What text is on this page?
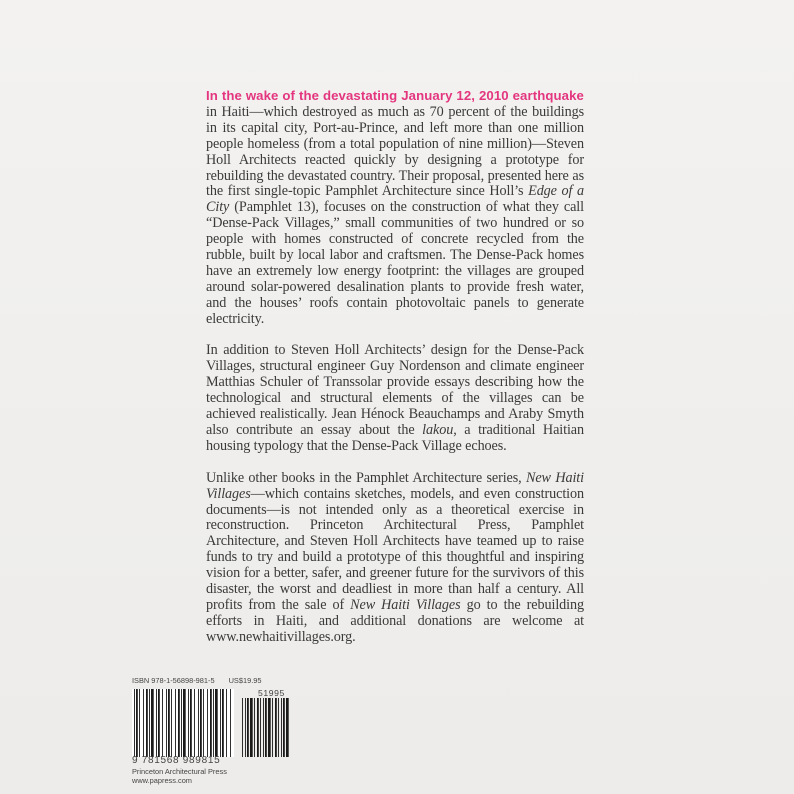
In the wake of the devastating January 12, 2010 earthquake in Haiti—which destroyed as much as 70 percent of the buildings in its capital city, Port-au-Prince, and left more than one million people homeless (from a total population of nine million)—Steven Holl Architects reacted quickly by designing a prototype for rebuilding the devastated country. Their proposal, presented here as the first single-topic Pamphlet Architecture since Holl’s Edge of a City (Pamphlet 13), focuses on the construction of what they call “Dense-Pack Villages,” small communities of two hundred or so people with homes constructed of concrete recycled from the rubble, built by local labor and craftsmen. The Dense-Pack homes have an extremely low energy footprint: the villages are grouped around solar-powered desalination plants to provide fresh water, and the houses’ roofs contain photovoltaic panels to generate electricity.

In addition to Steven Holl Architects’ design for the Dense-Pack Villages, structural engineer Guy Nordenson and climate engineer Matthias Schuler of Transsolar provide essays describing how the technological and structural elements of the villages can be achieved realistically. Jean Hénock Beauchamps and Araby Smyth also contribute an essay about the lakou, a traditional Haitian housing typology that the Dense-Pack Village echoes.

Unlike other books in the Pamphlet Architecture series, New Haiti Villages—which contains sketches, models, and even construction documents—is not intended only as a theoretical exercise in reconstruction. Princeton Architectural Press, Pamphlet Architecture, and Steven Holl Architects have teamed up to raise funds to try and build a prototype of this thoughtful and inspiring vision for a better, safer, and greener future for the survivors of this disaster, the worst and deadliest in more than half a century. All profits from the sale of New Haiti Villages go to the rebuilding efforts in Haiti, and additional donations are welcome at www.newhaitivillages.org.

ISBN 978-1-56898-981-5 US$19.95
51995
9 781568 989815
Princeton Architectural Press
www.papress.com
